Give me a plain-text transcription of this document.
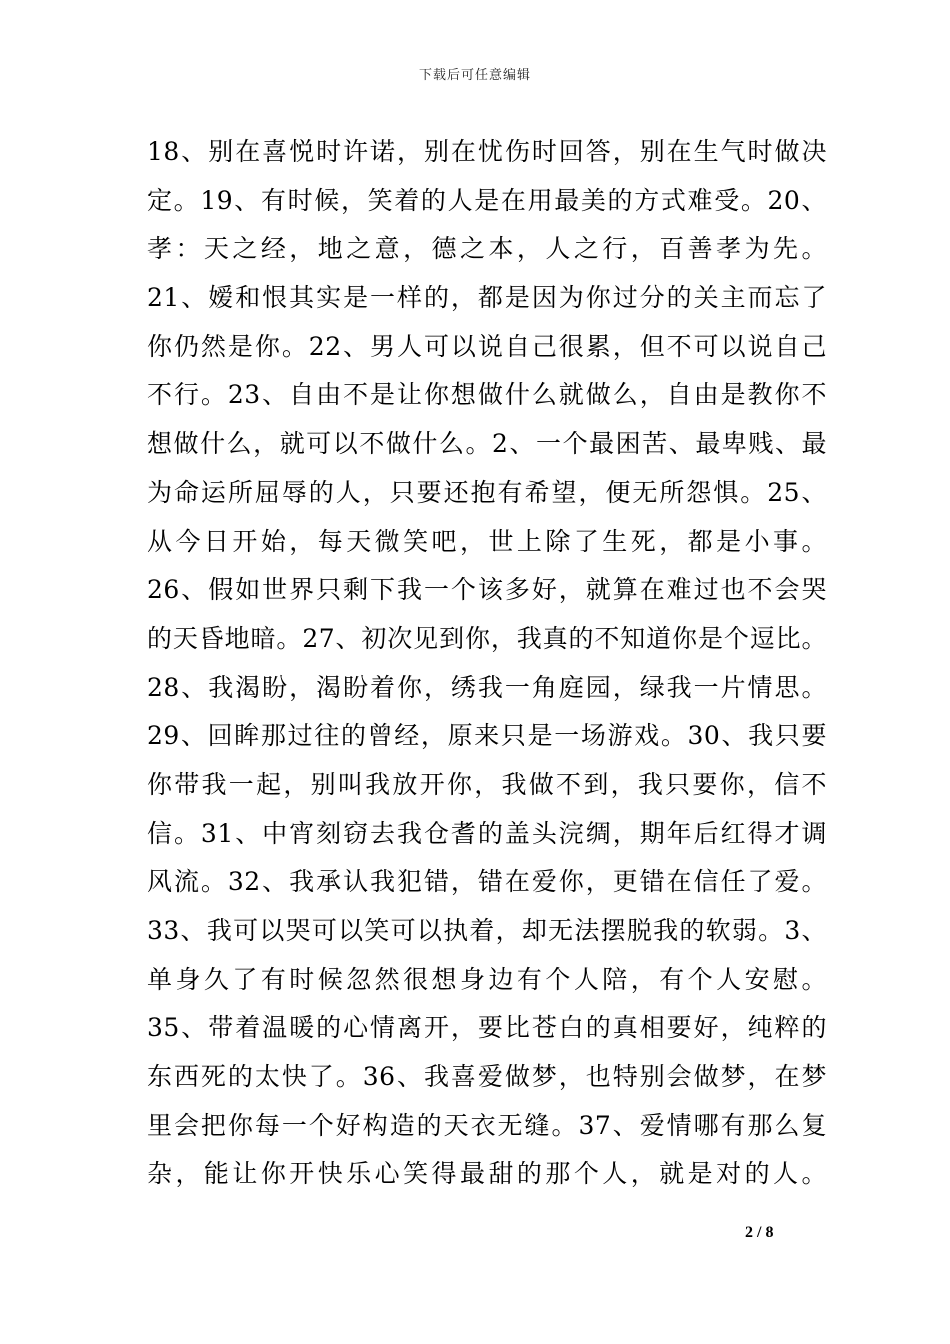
下载后可任意编辑
18、别在喜悦时许诺，别在忧伤时回答，别在生气时做决
定。19、有时候，笑着的人是在用最美的方式难受。20、
孝：天之经，地之意，德之本，人之行，百善孝为先。
21、嫒和恨其实是一样的，都是因为你过分的关主而忘了
你仍然是你。22、男人可以说自己很累，但不可以说自己
不行。23、自由不是让你想做什么就做么，自由是教你不
想做什么，就可以不做什么。2、一个最困苦、最卑贱、最
为命运所屈辱的人，只要还抱有希望，便无所怨惧。25、
从今日开始，每天微笑吧，世上除了生死，都是小事。
26、假如世界只剩下我一个该多好，就算在难过也不会哭
的天昏地暗。27、初次见到你，我真的不知道你是个逗比。
28、我渴盼，渴盼着你，绣我一角庭园，绿我一片情思。
29、回眸那过往的曾经，原来只是一场游戏。30、我只要
你带我一起，别叫我放开你，我做不到，我只要你，信不
信。31、中宵刻窃去我仓耆的盖头浣绸，期年后红得才调
风流。32、我承认我犯错，错在爱你，更错在信任了爱。
33、我可以哭可以笑可以执着，却无法摆脱我的软弱。3、
单身久了有时候忽然很想身边有个人陪，有个人安慰。
35、带着温暖的心情离开，要比苍白的真相要好，纯粹的
东西死的太快了。36、我喜爱做梦，也特别会做梦，在梦
里会把你每一个好构造的天衣无缝。37、爱情哪有那么复
杂，能让你开快乐心笑得最甜的那个人，就是对的人。
2 / 8
